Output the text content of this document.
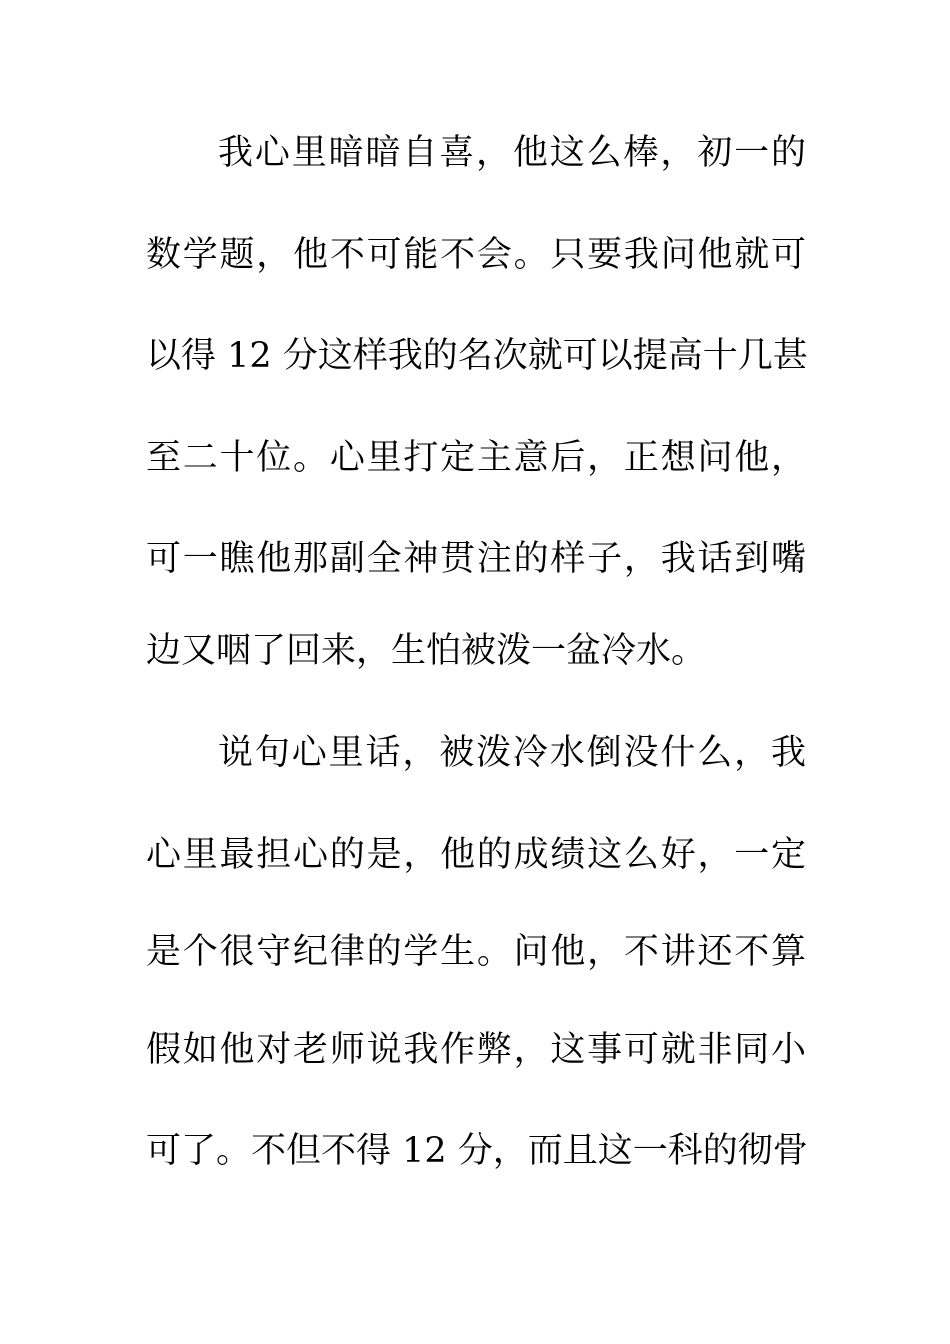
我心里暗暗自喜，他这么棒，初一的
数学题，他不可能不会。只要我问他就可
以得 12 分这样我的名次就可以提高十几甚
至二十位。心里打定主意后，正想问他，
可一瞧他那副全神贯注的样子，我话到嘴
边又咽了回来，生怕被泼一盆冷水。
说句心里话，被泼冷水倒没什么，我
心里最担心的是，他的成绩这么好，一定
是个很守纪律的学生。问他，不讲还不算
假如他对老师说我作弊，这事可就非同小
可了。不但不得 12 分，而且这一科的彻骨
